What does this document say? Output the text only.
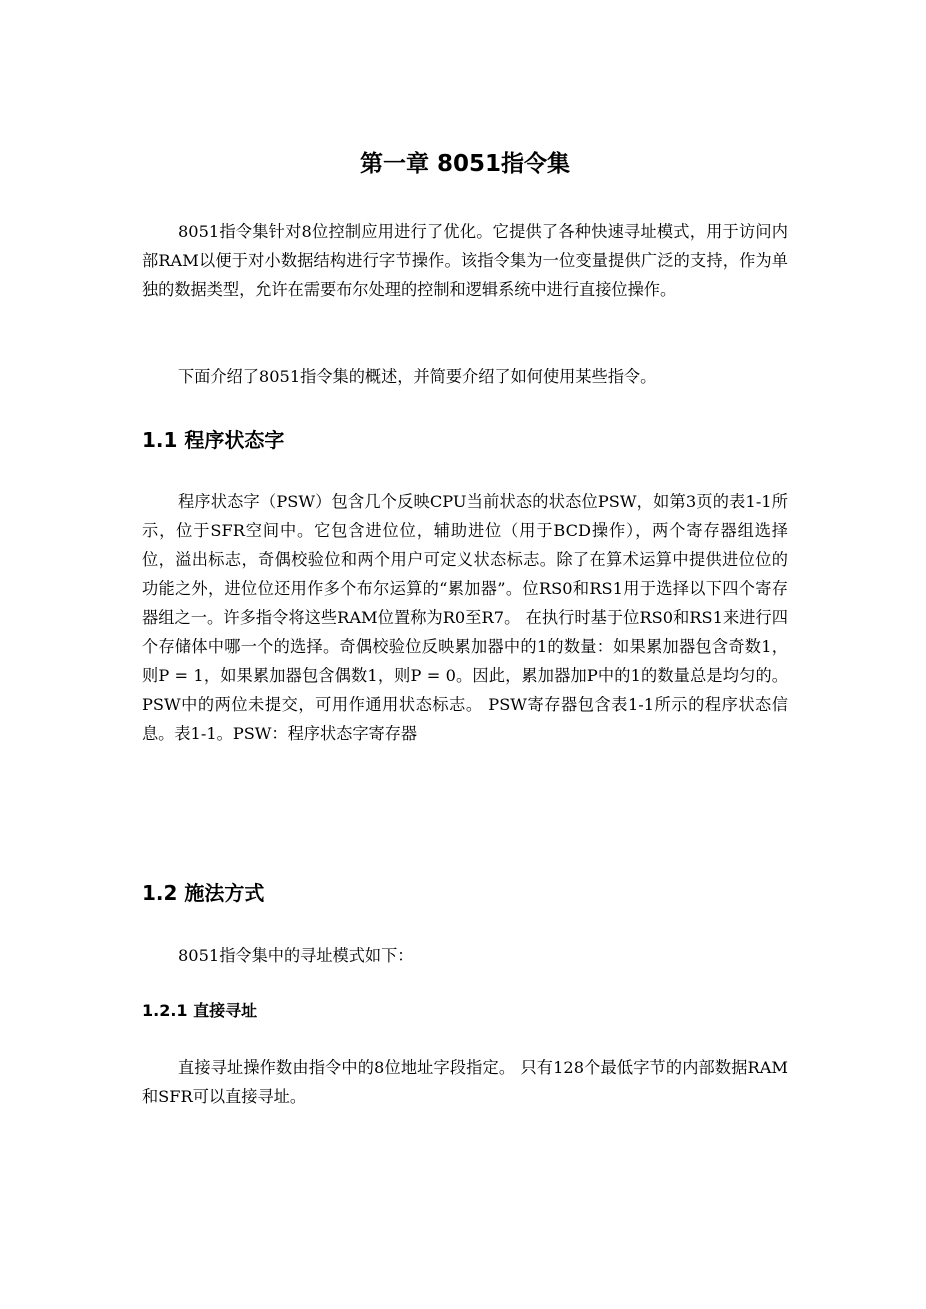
第一章 8051指令集

8051指令集针对8位控制应用进行了优化。它提供了各种快速寻址模式，用于访问内部RAM以便于对小数据结构进行字节操作。该指令集为一位变量提供广泛的支持，作为单独的数据类型，允许在需要布尔处理的控制和逻辑系统中进行直接位操作。

下面介绍了8051指令集的概述，并简要介绍了如何使用某些指令。

1.1 程序状态字

程序状态字（PSW）包含几个反映CPU当前状态的状态位PSW，如第3页的表1-1所示，位于SFR空间中。它包含进位位，辅助进位（用于BCD操作），两个寄存器组选择位，溢出标志，奇偶校验位和两个用户可定义状态标志。除了在算术运算中提供进位位的功能之外，进位位还用作多个布尔运算的“累加器”。位RS0和RS1用于选择以下四个寄存器组之一。许多指令将这些RAM位置称为R0至R7。 在执行时基于位RS0和RS1来进行四个存储体中哪一个的选择。奇偶校验位反映累加器中的1的数量：如果累加器包含奇数1，则P = 1，如果累加器包含偶数1，则P = 0。因此，累加器加P中的1的数量总是均匀的。PSW中的两位未提交，可用作通用状态标志。 PSW寄存器包含表1-1所示的程序状态信息。表1-1。PSW：程序状态字寄存器

1.2 施法方式

8051指令集中的寻址模式如下：

1.2.1 直接寻址

直接寻址操作数由指令中的8位地址字段指定。 只有128个最低字节的内部数据RAM和SFR可以直接寻址。
